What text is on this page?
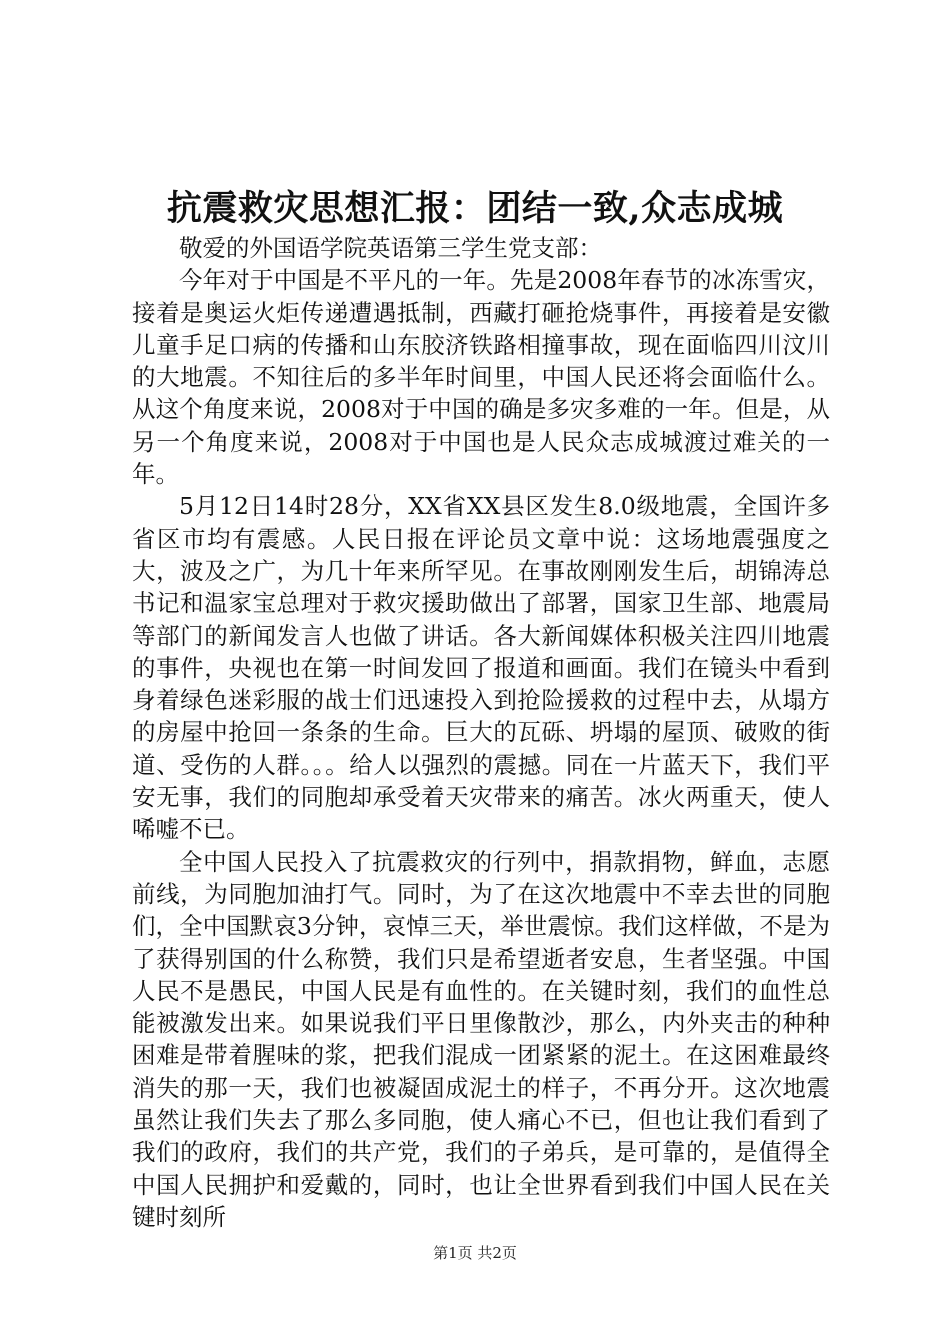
抗震救灾思想汇报：团结一致,众志成城

敬爱的外国语学院英语第三学生党支部：

今年对于中国是不平凡的一年。先是2008年春节的冰冻雪灾，接着是奥运火炬传递遭遇抵制，西藏打砸抢烧事件，再接着是安徽儿童手足口病的传播和山东胶济铁路相撞事故，现在面临四川汶川的大地震。不知往后的多半年时间里，中国人民还将会面临什么。从这个角度来说，2008对于中国的确是多灾多难的一年。但是，从另一个角度来说，2008对于中国也是人民众志成城渡过难关的一年。

5月12日14时28分，XX省XX县区发生8.0级地震，全国许多省区市均有震感。人民日报在评论员文章中说：这场地震强度之大，波及之广，为几十年来所罕见。在事故刚刚发生后，胡锦涛总书记和温家宝总理对于救灾援助做出了部署，国家卫生部、地震局等部门的新闻发言人也做了讲话。各大新闻媒体积极关注四川地震的事件，央视也在第一时间发回了报道和画面。我们在镜头中看到身着绿色迷彩服的战士们迅速投入到抢险援救的过程中去，从塌方的房屋中抢回一条条的生命。巨大的瓦砾、坍塌的屋顶、破败的街道、受伤的人群。。。给人以强烈的震撼。同在一片蓝天下，我们平安无事，我们的同胞却承受着天灾带来的痛苦。冰火两重天，使人唏嘘不已。

全中国人民投入了抗震救灾的行列中，捐款捐物，鲜血，志愿前线，为同胞加油打气。同时，为了在这次地震中不幸去世的同胞们，全中国默哀3分钟，哀悼三天，举世震惊。我们这样做，不是为了获得别国的什么称赞，我们只是希望逝者安息，生者坚强。中国人民不是愚民，中国人民是有血性的。在关键时刻，我们的血性总能被激发出来。如果说我们平日里像散沙，那么，内外夹击的种种困难是带着腥味的浆，把我们混成一团紧紧的泥土。在这困难最终消失的那一天，我们也被凝固成泥土的样子，不再分开。这次地震虽然让我们失去了那么多同胞，使人痛心不已，但也让我们看到了我们的政府，我们的共产党，我们的子弟兵，是可靠的，是值得全中国人民拥护和爱戴的，同时，也让全世界看到我们中国人民在关键时刻所

第1页 共2页
